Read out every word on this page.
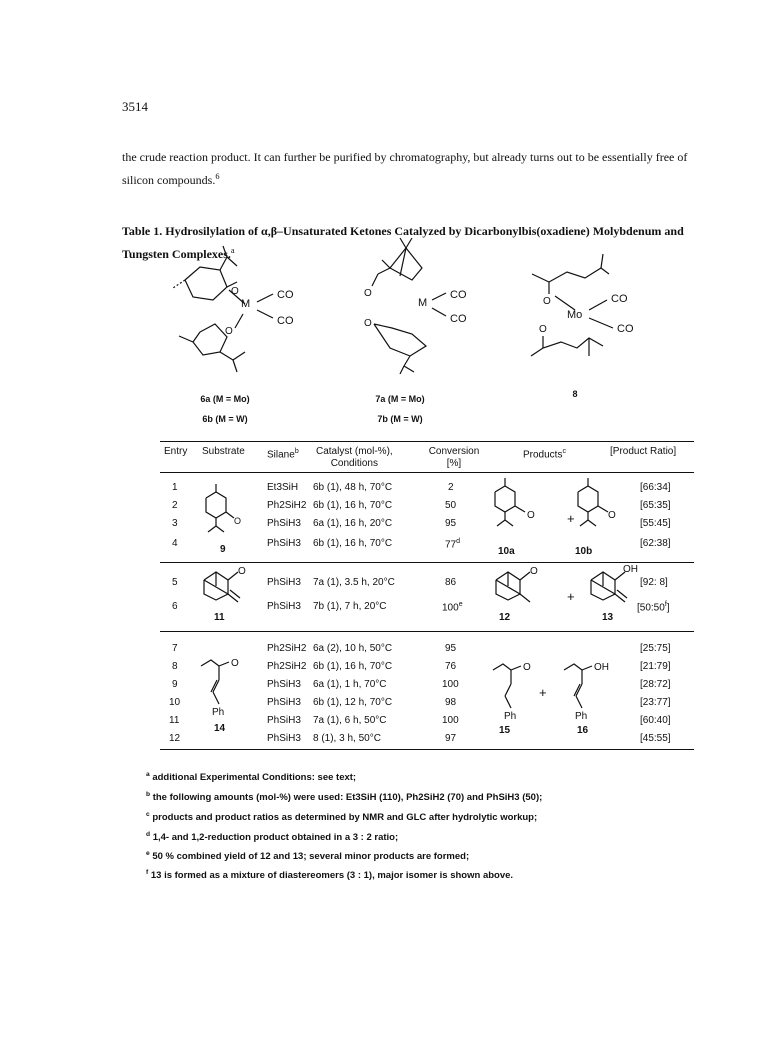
3514
the crude reaction product. It can further be purified by chromatography, but already turns out to be essentially free of silicon compounds.$^6$
Table 1. Hydrosilylation of α,β–Unsaturated Ketones Catalyzed by Dicarbonylbis(oxadiene) Molybdenum and Tungsten Complexes.$^a$
O
M
CO
CO
O
6a (M = Mo)
6b (M = W)
O
M
CO
CO
O
7a (M = Mo)
7b (M = W)
O
Mo
CO
CO
O
8
Entry Substrate Silane$^b$ Catalyst (mol-%),
Conditions
Conversion
[%]
Products$^c$	[Product Ratio]
1	Et3SiH 6b (1), 48 h, 70°C	2	[66:34]
2	Ph2SiH2 6b (1), 16 h, 70°C	50	[65:35]
3	PhSiH3 6a (1), 16 h, 20°C	95	[55:45]
4	PhSiH3 6b (1), 16 h, 70°C	77$^d$	[62:38]
O
9
O +	O
10a	10b
5	PhSiH3 7a (1), 3.5 h, 20°C	86	[92: 8]
6	PhSiH3 7b (1), 7 h, 20°C	100e	[50:50$^f$]
O
11
O
+
OH
12	13
7	Ph2SiH2 6a (2), 10 h, 50°C	95	[25:75]
8	Ph2SiH2 6b (1), 16 h, 70°C	76	[21:79]
9	PhSiH3 6a (1), 1 h, 70°C	100	[28:72]
10	PhSiH3 6b (1), 12 h, 70°C	98	[23:77]
11	PhSiH3 7a (1), 6 h, 50°C	100	[60:40]
12	PhSiH3 8 (1), 3 h, 50°C	97	[45:55]
O
Ph
14
O
Ph
+
OH
Ph
15	16
$^a$ additional Experimental Conditions: see text;
$^b$ the following amounts (mol-%) were used: Et3SiH (110), Ph2SiH2 (70) and PhSiH3 (50);
$^c$ products and product ratios as determined by NMR and GLC after hydrolytic workup;
$^d$ 1,4- and 1,2-reduction product obtained in a 3 : 2 ratio;
$^e$ 50 % combined yield of 12 and 13; several minor products are formed;
$^f$ 13 is formed as a mixture of diastereomers (3 : 1), major isomer is shown above.
